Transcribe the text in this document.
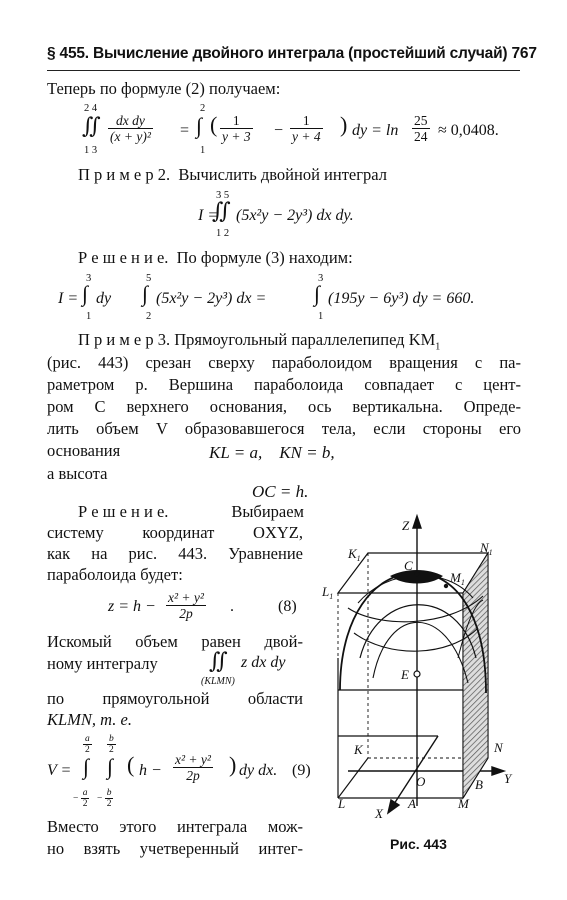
§ 455. Вычисление двойного интеграла (простейший случай) 767
Теперь по формуле (2) получаем:
2 4
∬
1 3
$\frac{\text{dx dy}}{\text{(x + y)²}}$ =
2
∫
1
( $\frac{1}{y + 3} - \frac{1}{y + 4}$ ) dy = $\ln \frac{25}{24} \approx 0,0408$.
П р и м е р 2. Вычислить двойной интеграл
I =
3 5
∬
1 2
(5x²y − 2y³) dx dy.
Р е ш е н и е. По формуле (3) находим:
I =
3
∫
1
dy
5
∫
2
(5x²y − 2y³) dx =
3
∫
1
(195y − 6y³) dy = 660.
П р и м е р 3. Прямоугольный параллелепипед $KM_1$
(рис. 443) срезан сверху параболоидом вращения с па-
раметром p. Вершина параболоида совпадает с цент-
ром C верхнего основания, ось вертикальна. Опреде-
лить объем V образовавшегося тела, если стороны его
основания	KL = a,    KN = b,
а высота
OC = h.
Р е ш е н и е.	Выбираем
систему координат OXYZ,
как на рис. 443. Уравнение
параболоида будет:
$z = h - \frac{\text{x² + y²}}{2p}$ .	(8)
Искомый объем равен двой-
ному интегралу ∬ z dx dy
(KLMN)
по прямоугольной области
KLMN, т. е.
V =
$\frac{a}{2}$
∫
− $\frac{a}{2}$
$\frac{b}{2}$
∫
− $\frac{b}{2}$
( $h - \frac{\text{x² + y²}}{2p}$ ) dy dx. (9)
Вместо этого интеграла мож-
но взять учетверенный интег-
Z
$K_1$
$N_1$
C
$M_1$
$L_1$
E
K	N
O	Y
L	A
B
M
X
Рис. 443
